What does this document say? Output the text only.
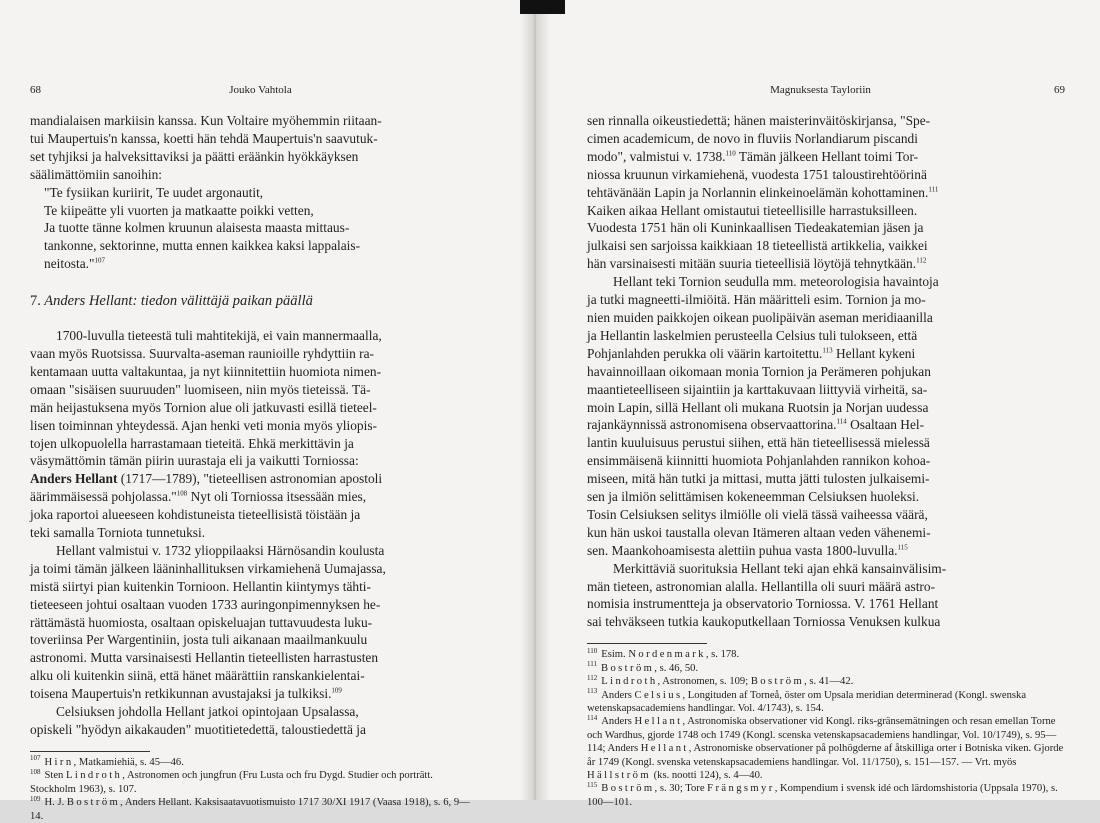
68	Jouko Vahtola

mandialaisen markiisin kanssa. Kun Voltaire myöhemmin riitaan-

tui Maupertuis'n kanssa, koetti hän tehdä Maupertuis'n saavutuk-

set tyhjiksi ja halveksittaviksi ja päätti eräänkin hyökkäyksen

säälimättömiin sanoihin:

"Te fysiikan kuriirit, Te uudet argonautit,

Te kiipeätte yli vuorten ja matkaatte poikki vetten,

Ja tuotte tänne kolmen kruunun alaisesta maasta mittaus-

tankonne, sektorinne, mutta ennen kaikkea kaksi lappalais-

neitosta."$^{107}$

7. Anders Hellant: tiedon välittäjä paikan päällä

1700-luvulla tieteestä tuli mahtitekijä, ei vain mannermaalla,

vaan myös Ruotsissa. Suurvalta-aseman raunioille ryhdyttiin ra-

kentamaan uutta valtakuntaa, ja nyt kiinnitettiin huomiota nimen-

omaan "sisäisen suuruuden" luomiseen, niin myös tieteissä. Tä-

män heijastuksena myös Tornion alue oli jatkuvasti esillä tieteel-

lisen toiminnan yhteydessä. Ajan henki veti monia myös yliopis-

tojen ulkopuolella harrastamaan tieteitä. Ehkä merkittävin ja

väsymättömin tämän piirin uurastaja eli ja vaikutti Torniossa:

Anders Hellant (1717—1789), "tieteellisen astronomian apostoli

äärimmäisessä pohjolassa."$^{108}$ Nyt oli Torniossa itsessään mies,

joka raportoi alueeseen kohdistuneista tieteellisistä töistään ja

teki samalla Torniota tunnetuksi.

Hellant valmistui v. 1732 ylioppilaaksi Härnösandin koulusta

ja toimi tämän jälkeen lääninhallituksen virkamiehenä Uumajassa,

mistä siirtyi pian kuitenkin Tornioon. Hellantin kiintymys tähti-

tieteeseen johtui osaltaan vuoden 1733 auringonpimennyksen he-

rättämästä huomiosta, osaltaan opiskeluajan tuttavuudesta luku-

toveriinsa Per Wargentiniin, josta tuli aikanaan maailmankuulu

astronomi. Mutta varsinaisesti Hellantin tieteellisten harrastusten

alku oli kuitenkin siinä, että hänet määrättiin ranskankielentai-

toisena Maupertuis'n retkikunnan avustajaksi ja tulkiksi.$^{109}$

Celsiuksen johdolla Hellant jatkoi opintojaan Upsalassa,

opiskeli "hyödyn aikakauden" muotitietedettä, taloustiedettä ja

$^{107}$ Hirn, Matkamiehiä, s. 45—46.

$^{108}$ Sten Lindroth, Astronomen och jungfrun (Fru Lusta och fru Dygd. Studier och porträtt. Stockholm 1963), s. 107.

$^{109}$ H. J. Boström, Anders Hellant. Kaksisaatavuotismuisto 1717 30/XI 1917 (Vaasa 1918), s. 6, 9—14.

Magnuksesta Tayloriin	69

sen rinnalla oikeustiedettä; hänen maisterinväitöskirjansa, "Spe-

cimen academicum, de novo in fluviis Norlandiarum piscandi

modo", valmistui v. 1738.$^{110}$ Tämän jälkeen Hellant toimi Tor-

niossa kruunun virkamiehenä, vuodesta 1751 taloustirehtöörinä

tehtävänään Lapin ja Norlannin elinkeinoelämän kohottaminen.$^{111}$

Kaiken aikaa Hellant omistautui tieteellisille harrastuksilleen.

Vuodesta 1751 hän oli Kuninkaallisen Tiedeakatemian jäsen ja

julkaisi sen sarjoissa kaikkiaan 18 tieteellistä artikkelia, vaikkei

hän varsinaisesti mitään suuria tieteellisiä löytöjä tehnytkään.$^{112}$

Hellant teki Tornion seudulla mm. meteorologisia havaintoja

ja tutki magneetti-ilmiöitä. Hän määritteli esim. Tornion ja mo-

nien muiden paikkojen oikean puolipäivän aseman meridiaanilla

ja Hellantin laskelmien perusteella Celsius tuli tulokseen, että

Pohjanlahden perukka oli väärin kartoitettu.$^{113}$ Hellant kykeni

havainnoillaan oikomaan monia Tornion ja Perämeren pohjukan

maantieteelliseen sijaintiin ja karttakuvaan liittyviä virheitä, sa-

moin Lapin, sillä Hellant oli mukana Ruotsin ja Norjan uudessa

rajankäynnissä astronomisena observaattorina.$^{114}$ Osaltaan Hel-

lantin kuuluisuus perustui siihen, että hän tieteellisessä mielessä

ensimmäisenä kiinnitti huomiota Pohjanlahden rannikon kohoa-

miseen, mitä hän tutki ja mittasi, mutta jätti tulosten julkaisemi-

sen ja ilmiön selittämisen kokeneemman Celsiuksen huoleksi.

Tosin Celsiuksen selitys ilmiölle oli vielä tässä vaiheessa väärä,

kun hän uskoi taustalla olevan Itämeren altaan veden vähenemi-

sen. Maankohoamisesta alettiin puhua vasta 1800-luvulla.$^{115}$

Merkittäviä suorituksia Hellant teki ajan ehkä kansainvälisim-

män tieteen, astronomian alalla. Hellantilla oli suuri määrä astro-

nomisia instrumentteja ja observatorio Torniossa. V. 1761 Hellant

sai tehväkseen tutkia kaukoputkellaan Torniossa Venuksen kulkua

$^{110}$ Esim. Nordenmark, s. 178.

$^{111}$ Boström, s. 46, 50.

$^{112}$ Lindroth, Astronomen, s. 109; Boström, s. 41—42.

$^{113}$ Anders Celsius, Longituden af Torneå, öster om Upsala meridian determinerad (Kongl. swenska wetenskapsacademiens handlingar. Vol. 4/1743), s. 154.

$^{114}$ Anders Hellant, Astronomiska observationer vid Kongl. riks-gränsemätningen och resan emellan Torne och Wardhus, gjorde 1748 och 1749 (Kongl. scenska vetenskapsacademiens handlingar, Vol. 10/1749), s. 95—114; Anders Hellant, Astronomiske observationer på polhögderne af åtskilliga orter i Botniska viken. Gjorde år 1749 (Kongl. svenska vetenskapsacademiens handlingar. Vol. 11/1750), s. 151—157. — Vrt. myös Hällström (ks. nootti 124), s. 4—40.

$^{115}$ Boström, s. 30; Tore Frängsmyr, Kompendium i svensk idé och lärdomshistoria (Uppsala 1970), s. 100—101.
